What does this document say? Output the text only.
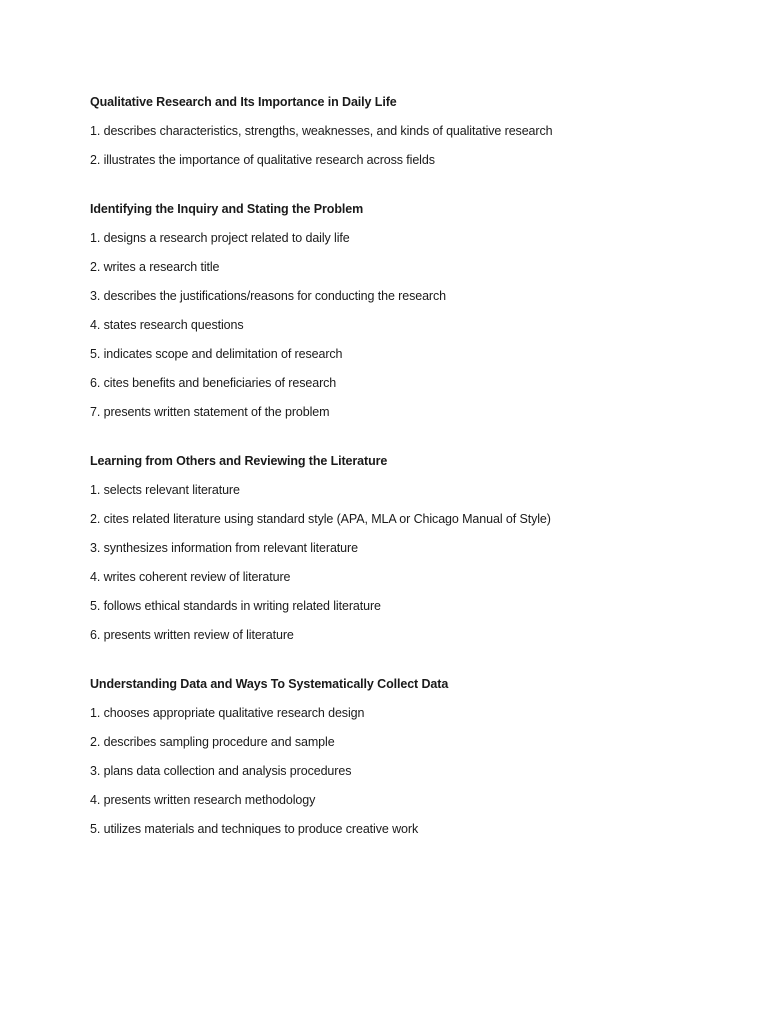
Qualitative Research and Its Importance in Daily Life
1. describes characteristics, strengths, weaknesses, and kinds of qualitative research
2. illustrates the importance of qualitative research across fields
Identifying the Inquiry and Stating the Problem
1. designs a research project related to daily life
2. writes a research title
3. describes the justifications/reasons for conducting the research
4. states research questions
5. indicates scope and delimitation of research
6. cites benefits and beneficiaries of research
7. presents written statement of the problem
Learning from Others and Reviewing the Literature
1. selects relevant literature
2. cites related literature using standard style (APA, MLA or Chicago Manual of Style)
3. synthesizes information from relevant literature
4. writes coherent review of literature
5. follows ethical standards in writing related literature
6. presents written review of literature
Understanding Data and Ways To Systematically Collect Data
1. chooses appropriate qualitative research design
2. describes sampling procedure and sample
3. plans data collection and analysis procedures
4. presents written research methodology
5. utilizes materials and techniques to produce creative work
